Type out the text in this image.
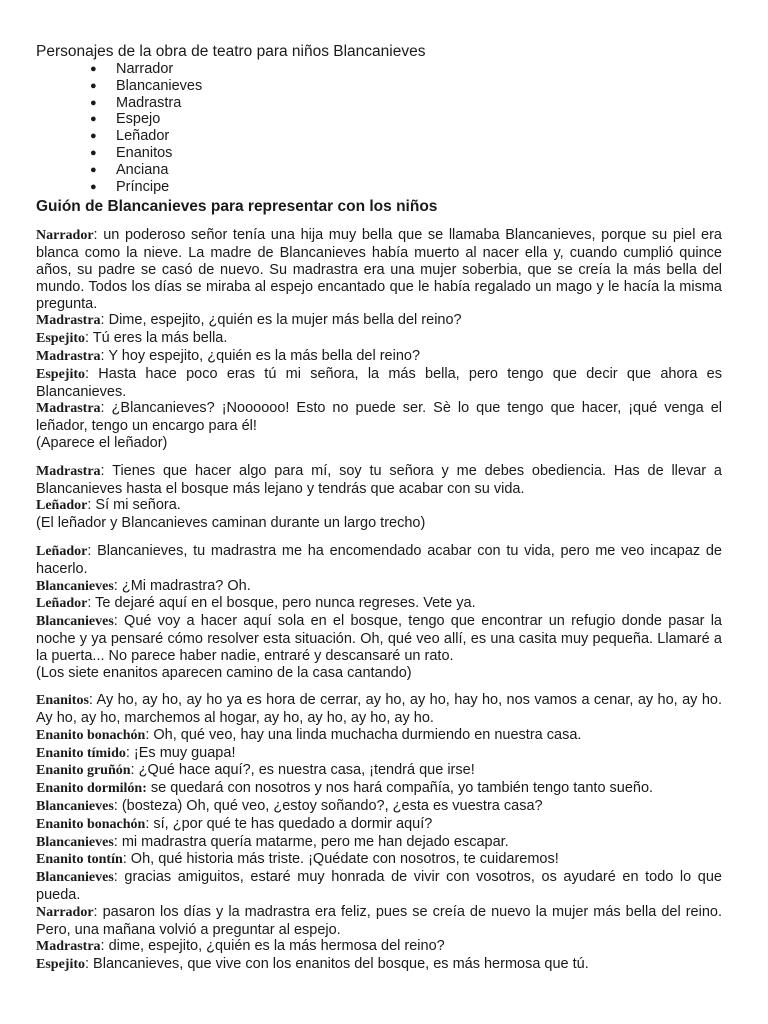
Personajes de la obra de teatro para niños Blancanieves
● Narrador
● Blancanieves
● Madrastra
● Espejo
● Leñador
● Enanitos
● Anciana
● Príncipe
Guión de Blancanieves para representar con los niños

Narrador: un poderoso señor tenía una hija muy bella que se llamaba Blancanieves, porque su piel era blanca como la nieve. La madre de Blancanieves había muerto al nacer ella y, cuando cumplió quince años, su padre se casó de nuevo. Su madrastra era una mujer soberbia, que se creía la más bella del mundo. Todos los días se miraba al espejo encantado que le había regalado un mago y le hacía la misma pregunta.

Madrastra: Dime, espejito, ¿quién es la mujer más bella del reino?

Espejito: Tú eres la más bella.

Madrastra: Y hoy espejito, ¿quién es la más bella del reino?

Espejito: Hasta hace poco eras tú mi señora, la más bella, pero tengo que decir que ahora es Blancanieves.

Madrastra: ¿Blancanieves? ¡Noooooo! Esto no puede ser. Sè lo que tengo que hacer, ¡qué venga el leñador, tengo un encargo para él!

(Aparece el leñador)

Madrastra: Tienes que hacer algo para mí, soy tu señora y me debes obediencia. Has de llevar a Blancanieves hasta el bosque más lejano y tendrás que acabar con su vida.

Leñador: Sí mi señora.

(El leñador y Blancanieves caminan durante un largo trecho)

Leñador: Blancanieves, tu madrastra me ha encomendado acabar con tu vida, pero me veo incapaz de hacerlo.

Blancanieves: ¿Mi madrastra? Oh.

Leñador: Te dejaré aquí en el bosque, pero nunca regreses. Vete ya.

Blancanieves: Qué voy a hacer aquí sola en el bosque, tengo que encontrar un refugio donde pasar la noche y ya pensaré cómo resolver esta situación. Oh, qué veo allí, es una casita muy pequeña. Llamaré a la puerta... No parece haber nadie, entraré y descansaré un rato.

(Los siete enanitos aparecen camino de la casa cantando)

Enanitos: Ay ho, ay ho, ay ho ya es hora de cerrar, ay ho, ay ho, hay ho, nos vamos a cenar, ay ho, ay ho. Ay ho, ay ho, marchemos al hogar, ay ho, ay ho, ay ho, ay ho.

Enanito bonachón: Oh, qué veo, hay una linda muchacha durmiendo en nuestra casa.

Enanito tímido: ¡Es muy guapa!

Enanito gruñón: ¿Qué hace aquí?, es nuestra casa, ¡tendrá que irse!

Enanito dormilón: se quedará con nosotros y nos hará compañía, yo también tengo tanto sueño.

Blancanieves: (bosteza) Oh, qué veo, ¿estoy soñando?, ¿esta es vuestra casa?

Enanito bonachón: sí, ¿por qué te has quedado a dormir aquí?

Blancanieves: mi madrastra quería matarme, pero me han dejado escapar.

Enanito tontín: Oh, qué historia más triste. ¡Quédate con nosotros, te cuidaremos!

Blancanieves: gracias amiguitos, estaré muy honrada de vivir con vosotros, os ayudaré en todo lo que pueda.

Narrador: pasaron los días y la madrastra era feliz, pues se creía de nuevo la mujer más bella del reino. Pero, una mañana volvió a preguntar al espejo.

Madrastra: dime, espejito, ¿quién es la más hermosa del reino?

Espejito: Blancanieves, que vive con los enanitos del bosque, es más hermosa que tú.
